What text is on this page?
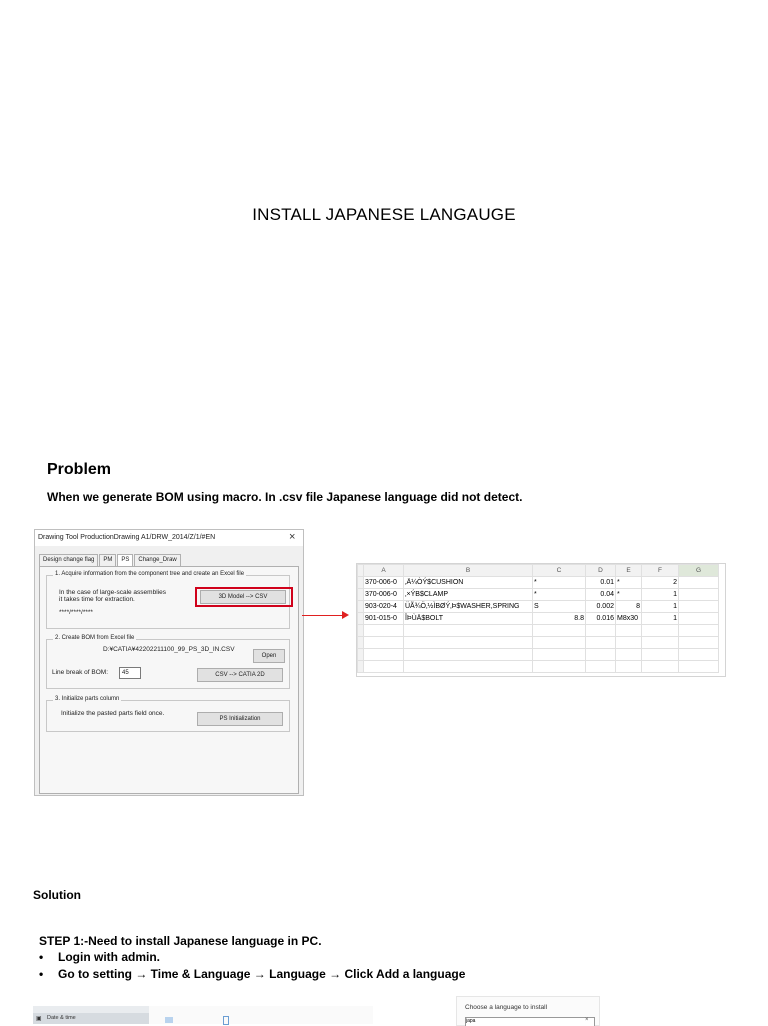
INSTALL JAPANESE LANGAUGE
Problem
When we generate BOM using macro. In .csv file Japanese language did not detect.
Drawing Tool ProductionDrawing A1/DRW_2014/Z/1/#EN	×
Design change flag	PM	PS	Change_Draw
1. Acquire information from the component tree and create an Excel file
In the case of large-scale assemblies
it takes time for extraction.
****/****/****
3D Model --> CSV
2. Create BOM from Excel file
D:¥CATIA¥42202211100_99_PS_3D_IN.CSV
Open
Line break of BOM:	45	CSV --> CATIA 2D
3. Initialize parts column
Initialize the pasted parts field once.
PS Initialization
	A	B	C	D	E	F	G
	370-006-0	‚Ä¼ÒÝ$CUSHION	*	0.01	*	2	
	370-006-0	‚×ÝB$CLAMP	*	0.04	*	1	
	903-020-4	ÜÃ¾Ö‚½ÌBØÝ‚Þ$WASHER,SPRING	S	0.002	8	1	
	901-015-0	ÎÞÙÄ$BOLT	8.8	0.016	M8x30	1	

Solution
STEP 1:-Need to install Japanese language in PC.
• Login with admin.
• Go to setting → Time & Language → Language → Click Add a language
▣ Date & time
Choose a language to install
japa	×
